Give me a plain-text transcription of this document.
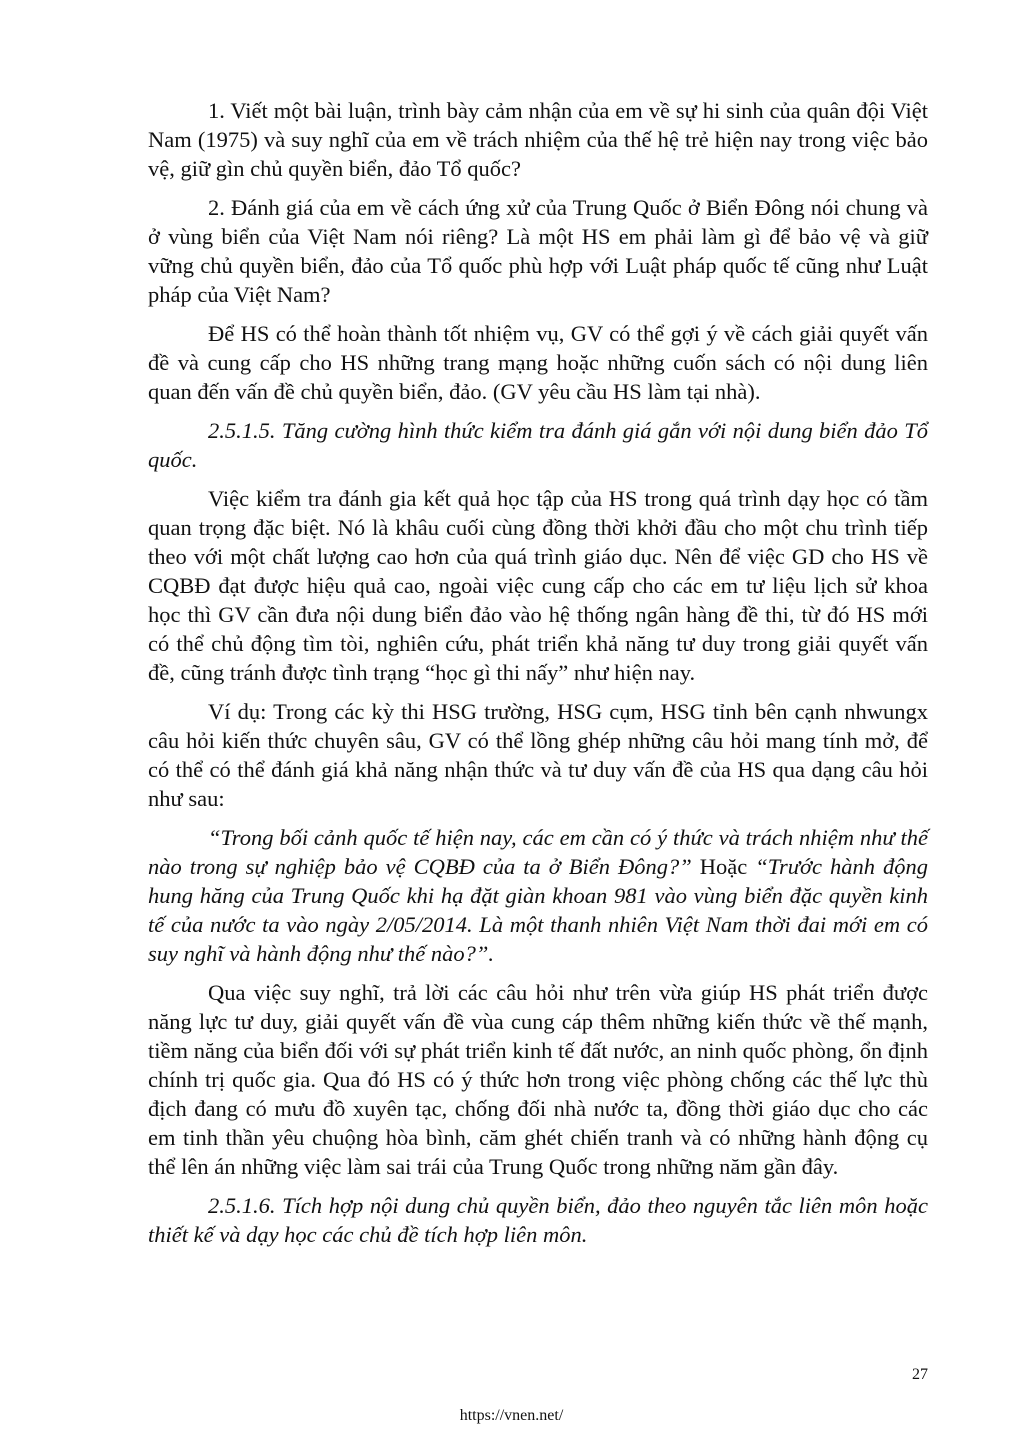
1. Viết một bài luận, trình bày cảm nhận của em về sự hi sinh của quân đội Việt Nam (1975) và suy nghĩ của em về trách nhiệm của thế hệ trẻ hiện nay trong việc bảo vệ, giữ gìn chủ quyền biển, đảo Tổ quốc?

2. Đánh giá của em về cách ứng xử của Trung Quốc ở Biển Đông nói chung và ở vùng biển của Việt Nam nói riêng? Là một HS em phải làm gì để bảo vệ và giữ vững chủ quyền biển, đảo của Tổ quốc phù hợp với Luật pháp quốc tế cũng như Luật pháp của Việt Nam?

Để HS có thể hoàn thành tốt nhiệm vụ, GV có thể gợi ý về cách giải quyết vấn đề và cung cấp cho HS những trang mạng hoặc những cuốn sách có nội dung liên quan đến vấn đề chủ quyền biển, đảo. (GV yêu cầu HS làm tại nhà).

2.5.1.5. Tăng cường hình thức kiểm tra đánh giá gắn với nội dung biển đảo Tổ quốc.

Việc kiểm tra đánh gia kết quả học tập của HS trong quá trình dạy học có tầm quan trọng đặc biệt. Nó là khâu cuối cùng đồng thời khởi đầu cho một chu trình tiếp theo với một chất lượng cao hơn của quá trình giáo dục. Nên để việc GD cho HS về CQBĐ đạt được hiệu quả cao, ngoài việc cung cấp cho các em tư liệu lịch sử khoa học thì GV cần đưa nội dung biển đảo vào hệ thống ngân hàng đề thi, từ đó HS mới có thể chủ động tìm tòi, nghiên cứu, phát triển khả năng tư duy trong giải quyết vấn đề, cũng tránh được tình trạng “học gì thi nấy” như hiện nay.

Ví dụ: Trong các kỳ thi HSG trường, HSG cụm, HSG tỉnh bên cạnh nhwungx câu hỏi kiến thức chuyên sâu, GV có thể lồng ghép những câu hỏi mang tính mở, để có thể có thể đánh giá khả năng nhận thức và tư duy vấn đề của HS qua dạng câu hỏi như sau:

“Trong bối cảnh quốc tế hiện nay, các em cần có ý thức và trách nhiệm như thế nào trong sự nghiệp bảo vệ CQBĐ của ta ở Biển Đông?” Hoặc “Trước hành động hung hăng của Trung Quốc khi hạ đặt giàn khoan 981 vào vùng biển đặc quyền kinh tế của nước ta vào ngày 2/05/2014. Là một thanh nhiên Việt Nam thời đai mới em có suy nghĩ và hành động như thế nào?”.

Qua việc suy nghĩ, trả lời các câu hỏi như trên vừa giúp HS phát triển được năng lực tư duy, giải quyết vấn đề vùa cung cáp thêm những kiến thức về thế mạnh, tiềm năng của biển đối với sự phát triển kinh tế đất nước, an ninh quốc phòng, ổn định chính trị quốc gia. Qua đó HS có ý thức hơn trong việc phòng chống các thế lực thù địch đang có mưu đồ xuyên tạc, chống đối nhà nước ta, đồng thời giáo dục cho các em tinh thần yêu chuộng hòa bình, căm ghét chiến tranh và có những hành động cụ thể lên án những việc làm sai trái của Trung Quốc trong những năm gần đây.

2.5.1.6. Tích hợp nội dung chủ quyền biển, đảo theo nguyên tắc liên môn hoặc thiết kế và dạy học các chủ đề tích hợp liên môn.

27
https://vnen.net/
